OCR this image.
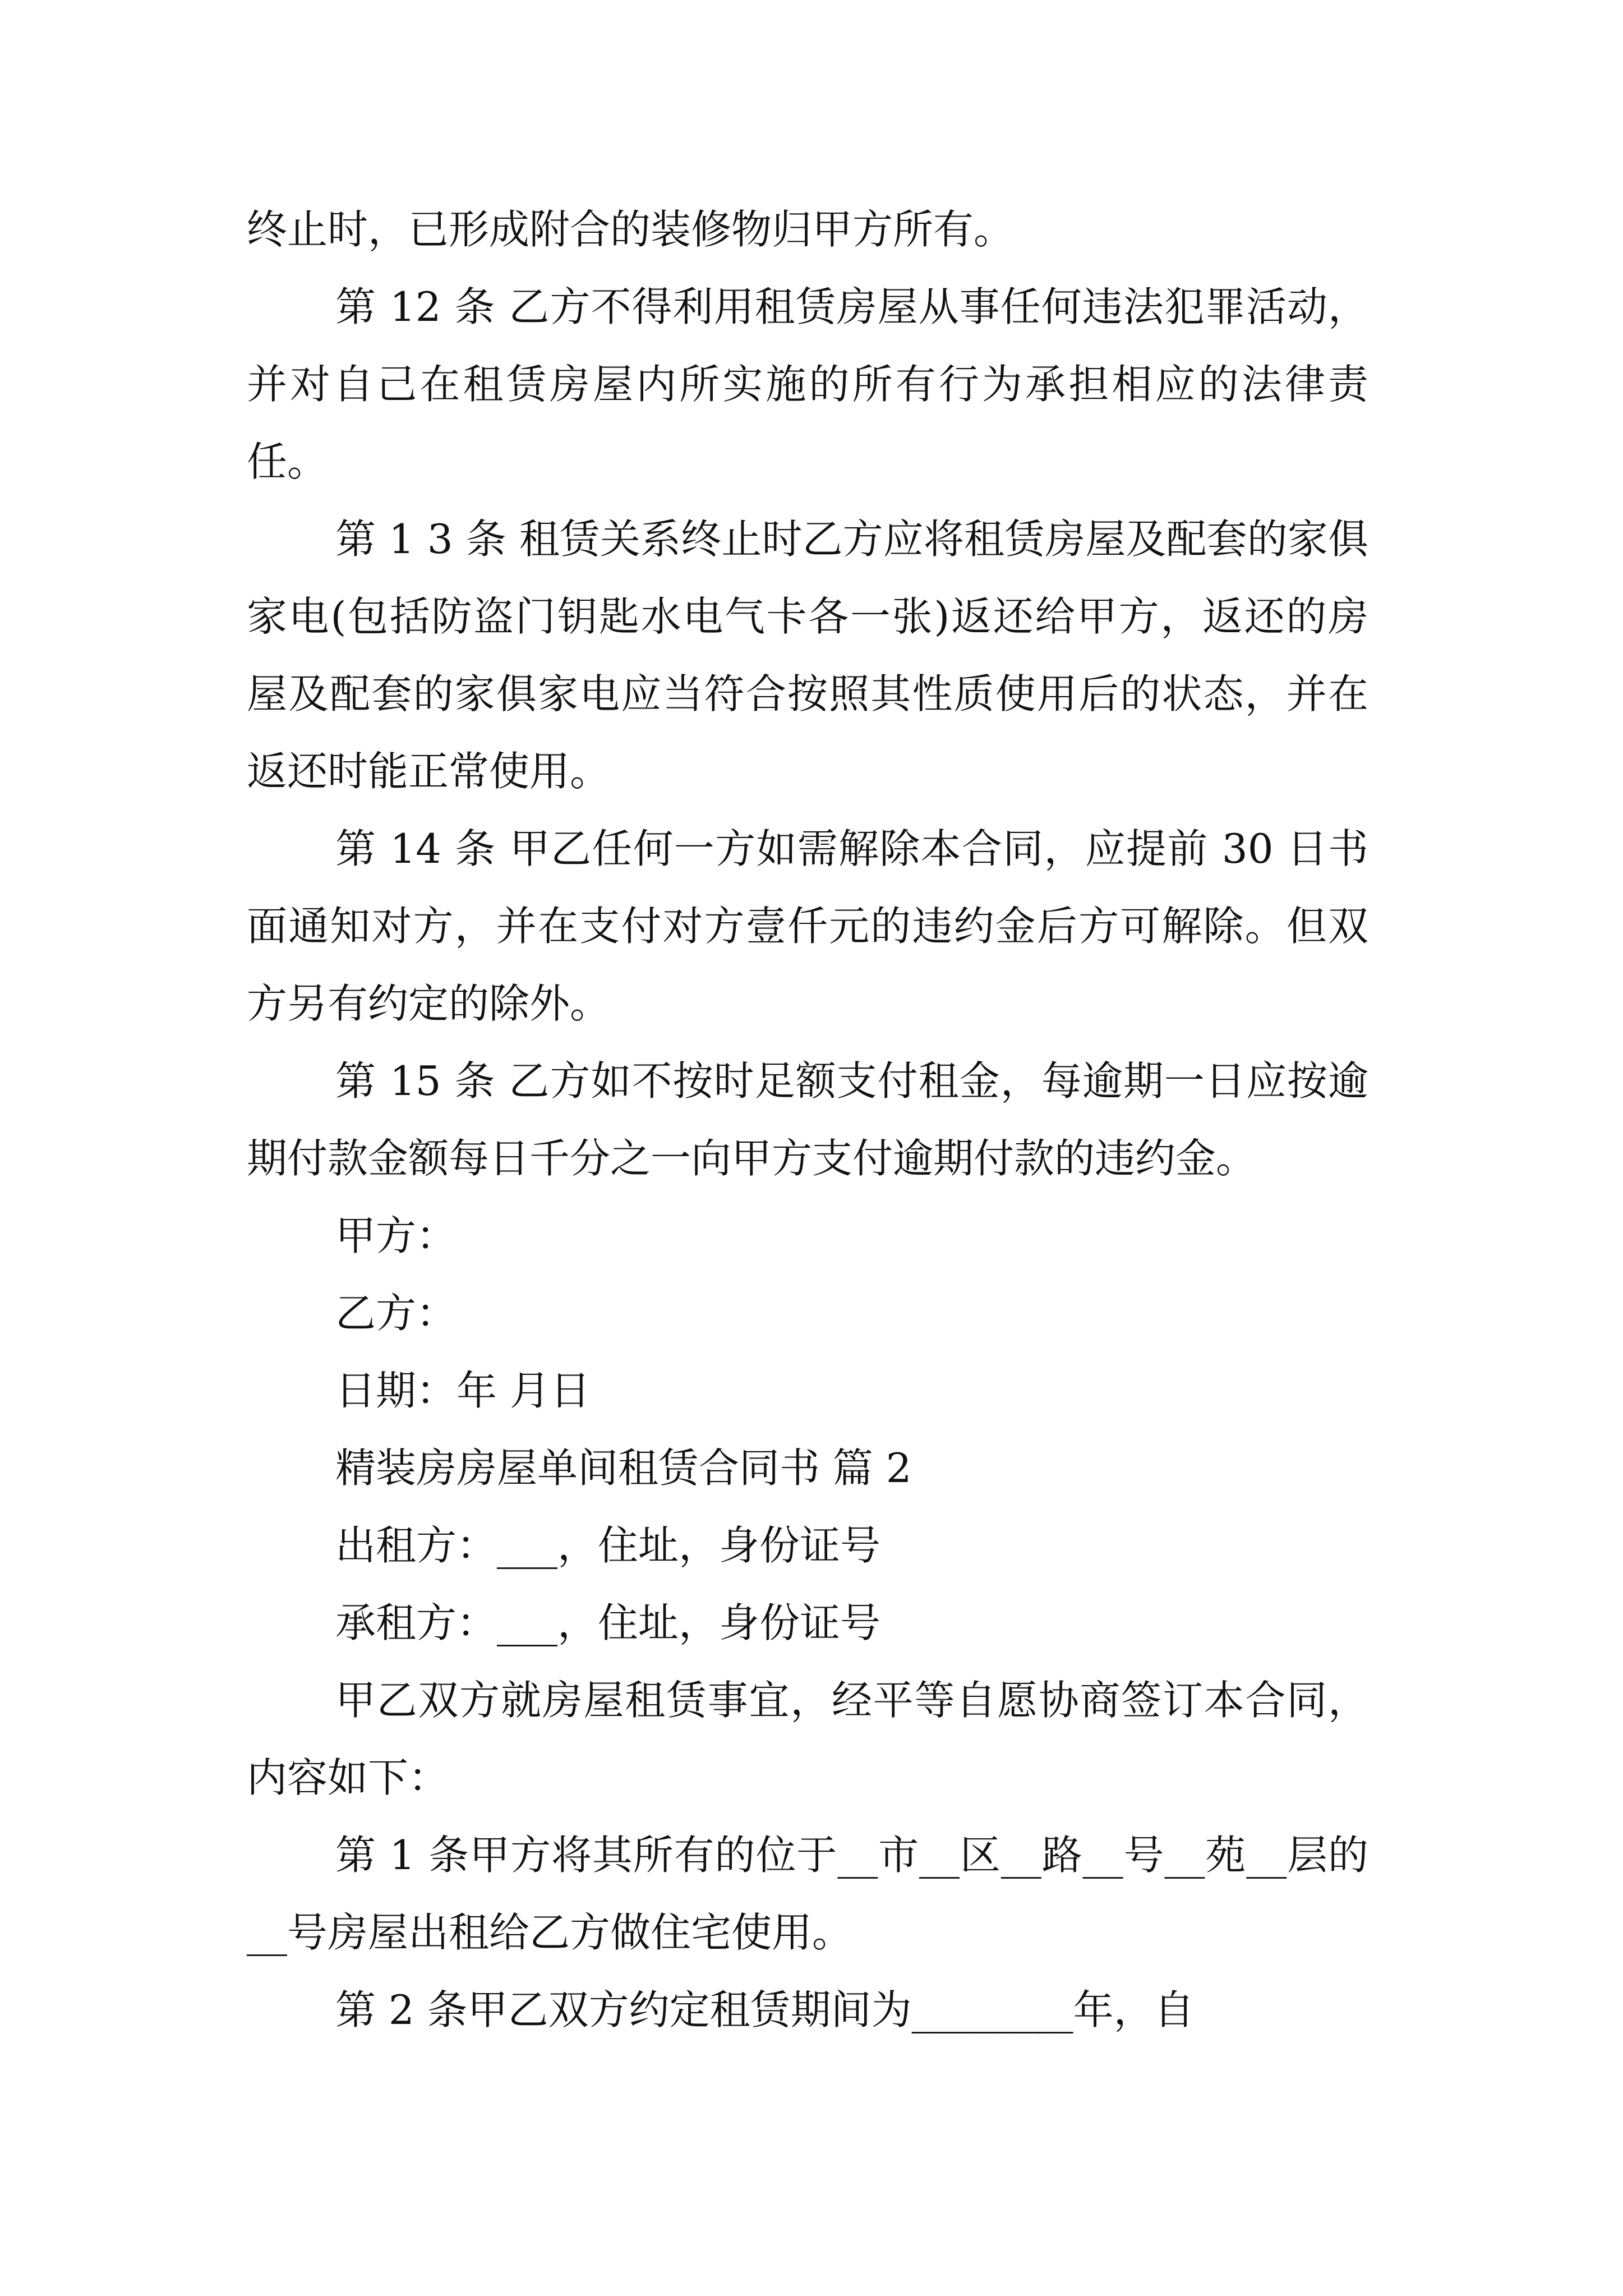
终止时，已形成附合的装修物归甲方所有。

第 12 条 乙方不得利用租赁房屋从事任何违法犯罪活动，并对自己在租赁房屋内所实施的所有行为承担相应的法律责任。

第 1 3 条 租赁关系终止时乙方应将租赁房屋及配套的家俱家电(包括防盗门钥匙水电气卡各一张)返还给甲方，返还的房屋及配套的家俱家电应当符合按照其性质使用后的状态，并在返还时能正常使用。

第 14 条 甲乙任何一方如需解除本合同，应提前 30 日书面通知对方，并在支付对方壹仟元的违约金后方可解除。但双方另有约定的除外。

第 15 条 乙方如不按时足额支付租金，每逾期一日应按逾期付款金额每日千分之一向甲方支付逾期付款的违约金。

甲方：

乙方：

日期：年 月日

精装房房屋单间租赁合同书 篇 2

出租方：___，住址，身份证号

承租方：___，住址，身份证号

甲乙双方就房屋租赁事宜，经平等自愿协商签订本合同，内容如下：

第 1 条甲方将其所有的位于__市__区__路__号__苑__层的__号房屋出租给乙方做住宅使用。

第 2 条甲乙双方约定租赁期间为________年，自
